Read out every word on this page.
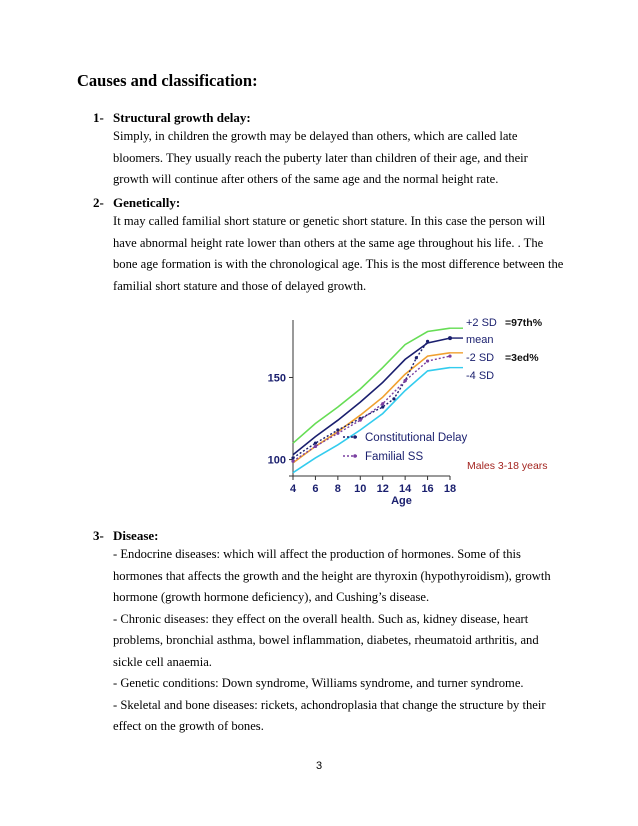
Causes and classification:
1- Structural growth delay:
Simply, in children the growth may be delayed than others, which are called late
bloomers. They usually reach the puberty later than children of their age, and their
growth will continue after others of the same age and the normal height rate.
2- Genetically:
It may called familial short stature or genetic short stature. In this case the person will
have abnormal height rate lower than others at the same age throughout his life. . The
bone age formation is with the chronological age. This is the most difference between the
familial short stature and those of delayed growth.
4 6 8 10 12 14 16 18
100
150
Age
+2 SD =97th%
mean
-2 SD =3ed%
-4 SD
Constitutional Delay
Familial SS
Males 3-18 years
3- Disease:
- Endocrine diseases: which will affect the production of hormones. Some of this
hormones that affects the growth and the height are thyroxin (hypothyroidism), growth
hormone (growth hormone deficiency), and Cushing’s disease.
- Chronic diseases: they effect on the overall health. Such as, kidney disease, heart
problems, bronchial asthma, bowel inflammation, diabetes, rheumatoid arthritis, and
sickle cell anaemia.
- Genetic conditions: Down syndrome, Williams syndrome, and turner syndrome.
- Skeletal and bone diseases: rickets, achondroplasia that change the structure by their
effect on the growth of bones.
3
